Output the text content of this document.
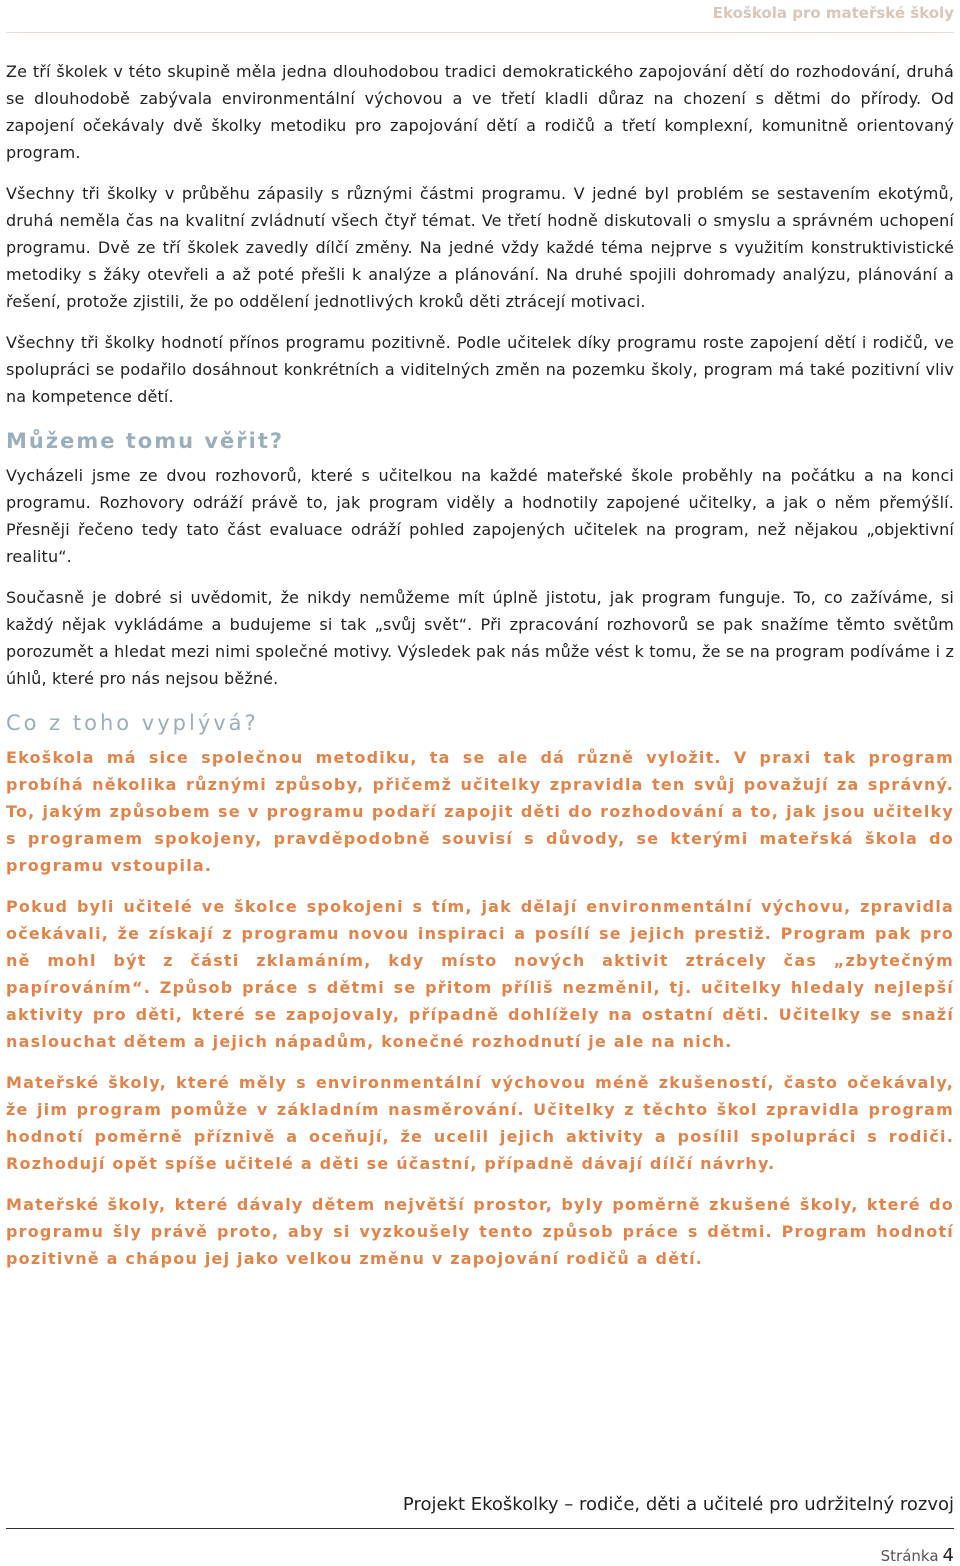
Ekoškola pro mateřské školy

Ze tří školek v této skupině měla jedna dlouhodobou tradici demokratického zapojování dětí do rozhodování, druhá se dlouhodobě zabývala environmentální výchovou a ve třetí kladli důraz na chození s dětmi do přírody. Od zapojení očekávaly dvě školky metodiku pro zapojování dětí a rodičů a třetí komplexní, komunitně orientovaný program.

Všechny tři školky v průběhu zápasily s různými částmi programu. V jedné byl problém se sestavením ekotýmů, druhá neměla čas na kvalitní zvládnutí všech čtyř témat. Ve třetí hodně diskutovali o smyslu a správném uchopení programu. Dvě ze tří školek zavedly dílčí změny. Na jedné vždy každé téma nejprve s využitím konstruktivistické metodiky s žáky otevřeli a až poté přešli k analýze a plánování. Na druhé spojili dohromady analýzu, plánování a řešení, protože zjistili, že po oddělení jednotlivých kroků děti ztrácejí motivaci.

Všechny tři školky hodnotí přínos programu pozitivně. Podle učitelek díky programu roste zapojení dětí i rodičů, ve spolupráci se podařilo dosáhnout konkrétních a viditelných změn na pozemku školy, program má také pozitivní vliv na kompetence dětí.

Můžeme tomu věřit?

Vycházeli jsme ze dvou rozhovorů, které s učitelkou na každé mateřské škole proběhly na počátku a na konci programu. Rozhovory odráží právě to, jak program viděly a hodnotily zapojené učitelky, a jak o něm přemýšlí. Přesněji řečeno tedy tato část evaluace odráží pohled zapojených učitelek na program, než nějakou „objektivní realitu“.

Současně je dobré si uvědomit, že nikdy nemůžeme mít úplně jistotu, jak program funguje. To, co zažíváme, si každý nějak vykládáme a budujeme si tak „svůj svět“. Při zpracování rozhovorů se pak snažíme těmto světům porozumět a hledat mezi nimi společné motivy. Výsledek pak nás může vést k tomu, že se na program podíváme i z úhlů, které pro nás nejsou běžné.

Co z toho vyplývá?

Ekoškola má sice společnou metodiku, ta se ale dá různě vyložit. V praxi tak program probíhá několika různými způsoby, přičemž učitelky zpravidla ten svůj považují za správný. To, jakým způsobem se v programu podaří zapojit děti do rozhodování a to, jak jsou učitelky s programem spokojeny, pravděpodobně souvisí s důvody, se kterými mateřská škola do programu vstoupila.

Pokud byli učitelé ve školce spokojeni s tím, jak dělají environmentální výchovu, zpravidla očekávali, že získají z programu novou inspiraci a posílí se jejich prestiž. Program pak pro ně mohl být z části zklamáním, kdy místo nových aktivit ztrácely čas „zbytečným papírováním“. Způsob práce s dětmi se přitom příliš nezměnil, tj. učitelky hledaly nejlepší aktivity pro děti, které se zapojovaly, případně dohlížely na ostatní děti. Učitelky se snaží naslouchat dětem a jejich nápadům, konečné rozhodnutí je ale na nich.

Mateřské školy, které měly s environmentální výchovou méně zkušeností, často očekávaly, že jim program pomůže v základním nasměrování. Učitelky z těchto škol zpravidla program hodnotí poměrně příznivě a oceňují, že ucelil jejich aktivity a posílil spolupráci s rodiči. Rozhodují opět spíše učitelé a děti se účastní, případně dávají dílčí návrhy.

Mateřské školy, které dávaly dětem největší prostor, byly poměrně zkušené školy, které do programu šly právě proto, aby si vyzkoušely tento způsob práce s dětmi. Program hodnotí pozitivně a chápou jej jako velkou změnu v zapojování rodičů a dětí.

Projekt Ekoškolky – rodiče, děti a učitelé pro udržitelný rozvoj
Stránka 4
